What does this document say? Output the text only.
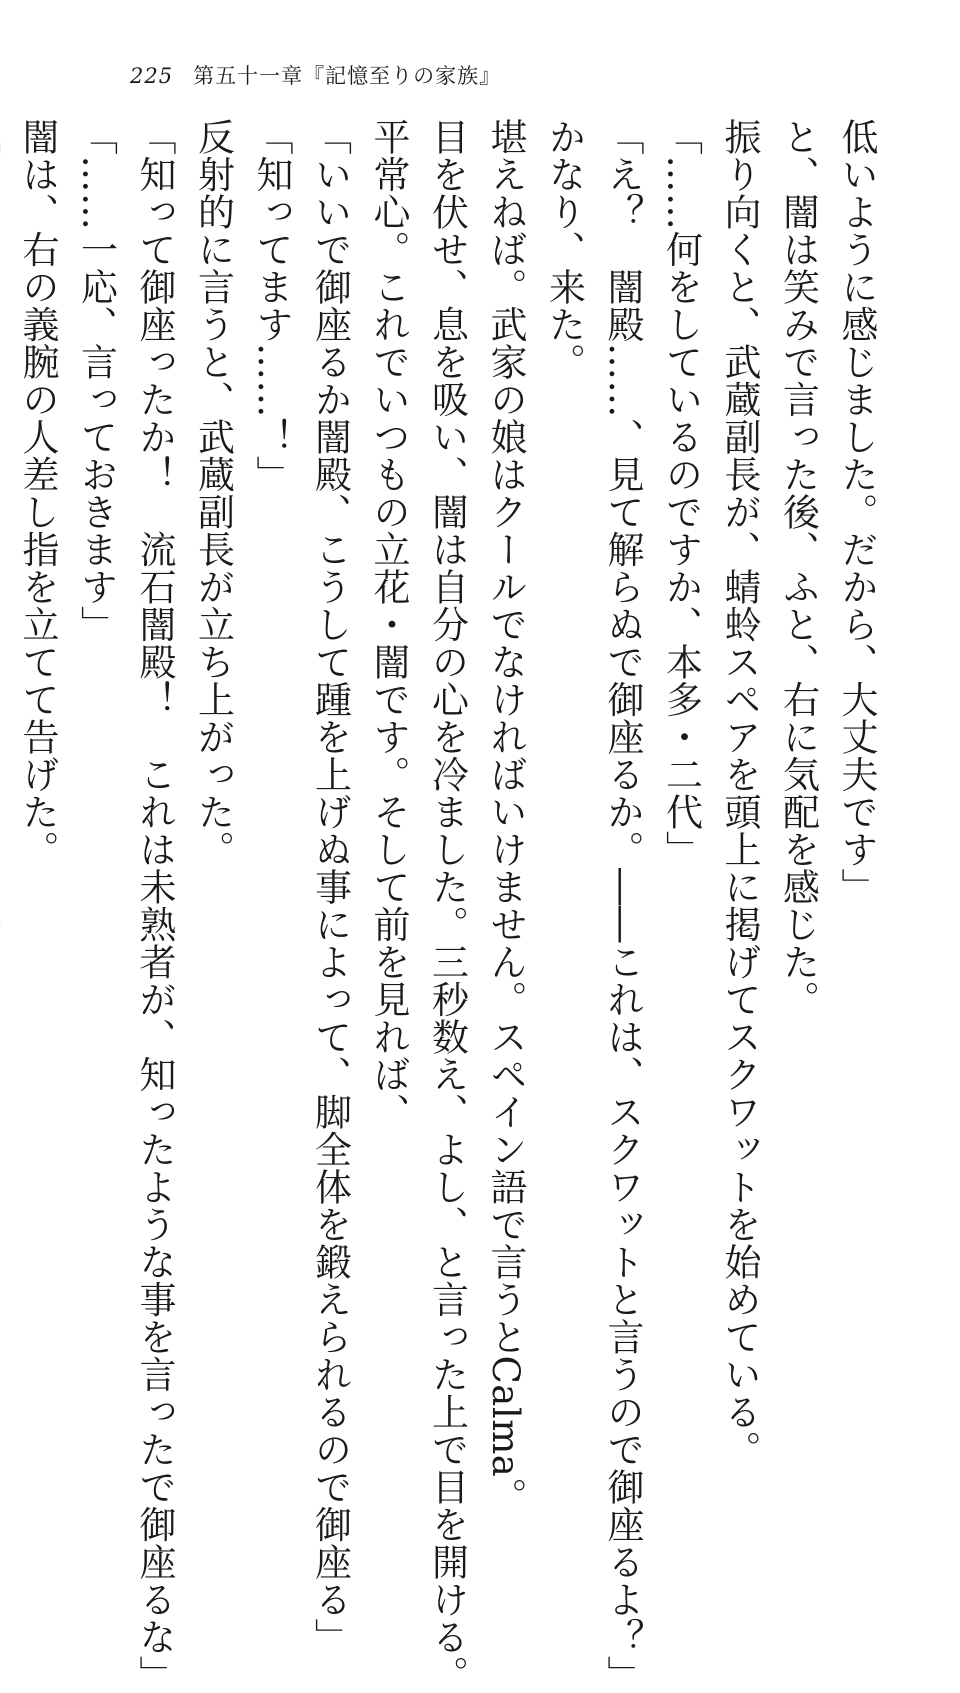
225 第五十一章『記憶至りの家族』
低いように感じました。だから、大丈夫です」
と、闇は笑みで言った後、ふと、右に気配を感じた。
振り向くと、武蔵副長が、蜻蛉スペアを頭上に掲げてスクワットを始めている。
「……何をしているのですか、本多・二代」
「え？　闇殿……、見て解らぬで御座るか。――これは、スクワットと言うので御座るよ？」
かなり、来た。
堪えねば。武家の娘はクールでなければいけません。スペイン語で言うとCalma。
目を伏せ、息を吸い、闇は自分の心を冷ました。三秒数え、よし、と言った上で目を開ける。
平常心。これでいつもの立花・闇です。そして前を見れば、
「いいで御座るか闇殿、こうして踵を上げぬ事によって、脚全体を鍛えられるので御座る」
「知ってます……！」
反射的に言うと、武蔵副長が立ち上がった。
「知って御座ったか！　流石闇殿！　これは未熟者が、知ったような事を言ったで御座るな」
「……一応、言っておきます」
闇は、右の義腕の人差し指を立てて告げた。
